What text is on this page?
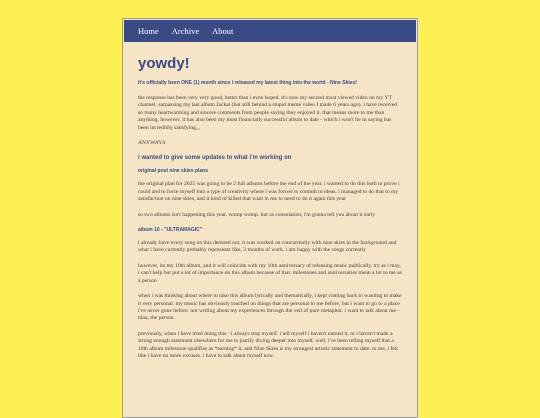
Home Archive About
yowdy!
it's officially been ONE (1) month since i released my latest thing into the world - Nine Skies!
the response has been very very good, better than i even hoped. it's now my second most viewed video on my YT channel, surpassing my last album Jackal (but still behind a stupid meme video I made 6 years ago). i have received so many heartwarming and sincere comments from people saying they enjoyed it. that means more to me than anything. however, it has also been my most financially successful album to date - which i won't lie in saying has been incredibly satisfying,,,
ANYWAYS
i wanted to give some updates to what i'm working on
original post nine skies plans
the original plan for 2025 was going to be 2 full albums before the end of the year. i wanted to do this both to prove i could and to force myself into a type of creativity where i was forced to commit to ideas. i managed to do that to my satisfaction on nine skies, and it kind of killed that want in me to need to do it again this year
so two albums isn't happening this year. womp womp. but as consolation, i'm gonna tell you about it early
album 10 - "ULTRAMAGIC"
i already have every song on this demoed out. it was worked on concurrently with nine skies in the background and what i have currently probably represents like, 3 months of work. i am happy with the songs currently
however, its my 10th album, and it will coincide with my 10th anniversary of releasing music publically. try as i may, i can't help but put a lot of importance on this album because of that. milestones and anniversaries mean a lot to me as a person
when i was thinking about where to take this album lyrically and thematically, i kept coming back to wanting to make it very personal. my music has obviously touched on things that are personal to me before, but i want to go to a place i've never gone before. not writing about my experiences through the veil of pure metaphor. i want to talk about me - nina, the person.
previously, when i have tried doing this - i always stop myself. i tell myself i haven't earned it, or i haven't made a strong enough statement elsewhere for me to justify diving deeper into myself. well, i've been telling myself that a 10th album milestone qualifies as *earning* it, and Nine Skies is my strongest artistic statement to date. to me, i felt like i have no more excuses. i have to talk about myself now
